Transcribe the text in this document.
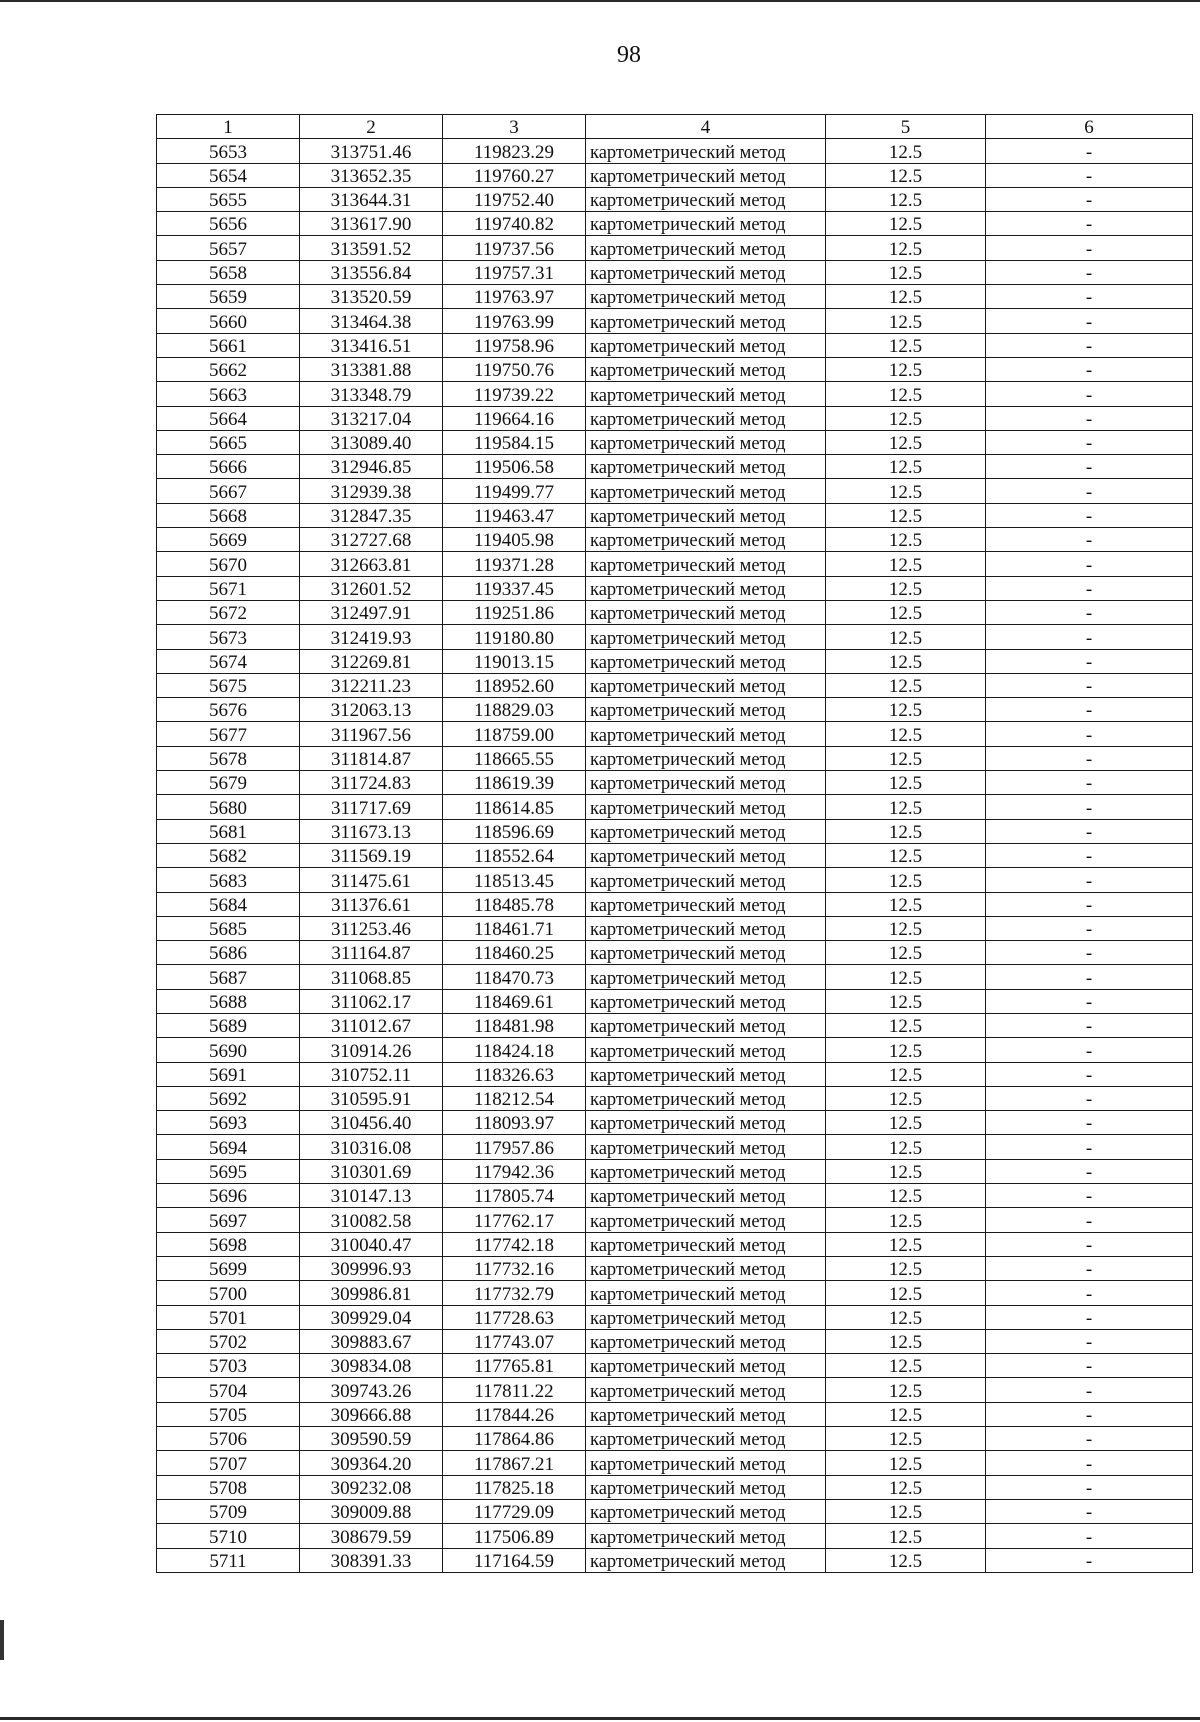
98
1	2	3	4	5	6
5653	313751.46	119823.29	картометрический метод	12.5	-
5654	313652.35	119760.27	картометрический метод	12.5	-
5655	313644.31	119752.40	картометрический метод	12.5	-
5656	313617.90	119740.82	картометрический метод	12.5	-
5657	313591.52	119737.56	картометрический метод	12.5	-
5658	313556.84	119757.31	картометрический метод	12.5	-
5659	313520.59	119763.97	картометрический метод	12.5	-
5660	313464.38	119763.99	картометрический метод	12.5	-
5661	313416.51	119758.96	картометрический метод	12.5	-
5662	313381.88	119750.76	картометрический метод	12.5	-
5663	313348.79	119739.22	картометрический метод	12.5	-
5664	313217.04	119664.16	картометрический метод	12.5	-
5665	313089.40	119584.15	картометрический метод	12.5	-
5666	312946.85	119506.58	картометрический метод	12.5	-
5667	312939.38	119499.77	картометрический метод	12.5	-
5668	312847.35	119463.47	картометрический метод	12.5	-
5669	312727.68	119405.98	картометрический метод	12.5	-
5670	312663.81	119371.28	картометрический метод	12.5	-
5671	312601.52	119337.45	картометрический метод	12.5	-
5672	312497.91	119251.86	картометрический метод	12.5	-
5673	312419.93	119180.80	картометрический метод	12.5	-
5674	312269.81	119013.15	картометрический метод	12.5	-
5675	312211.23	118952.60	картометрический метод	12.5	-
5676	312063.13	118829.03	картометрический метод	12.5	-
5677	311967.56	118759.00	картометрический метод	12.5	-
5678	311814.87	118665.55	картометрический метод	12.5	-
5679	311724.83	118619.39	картометрический метод	12.5	-
5680	311717.69	118614.85	картометрический метод	12.5	-
5681	311673.13	118596.69	картометрический метод	12.5	-
5682	311569.19	118552.64	картометрический метод	12.5	-
5683	311475.61	118513.45	картометрический метод	12.5	-
5684	311376.61	118485.78	картометрический метод	12.5	-
5685	311253.46	118461.71	картометрический метод	12.5	-
5686	311164.87	118460.25	картометрический метод	12.5	-
5687	311068.85	118470.73	картометрический метод	12.5	-
5688	311062.17	118469.61	картометрический метод	12.5	-
5689	311012.67	118481.98	картометрический метод	12.5	-
5690	310914.26	118424.18	картометрический метод	12.5	-
5691	310752.11	118326.63	картометрический метод	12.5	-
5692	310595.91	118212.54	картометрический метод	12.5	-
5693	310456.40	118093.97	картометрический метод	12.5	-
5694	310316.08	117957.86	картометрический метод	12.5	-
5695	310301.69	117942.36	картометрический метод	12.5	-
5696	310147.13	117805.74	картометрический метод	12.5	-
5697	310082.58	117762.17	картометрический метод	12.5	-
5698	310040.47	117742.18	картометрический метод	12.5	-
5699	309996.93	117732.16	картометрический метод	12.5	-
5700	309986.81	117732.79	картометрический метод	12.5	-
5701	309929.04	117728.63	картометрический метод	12.5	-
5702	309883.67	117743.07	картометрический метод	12.5	-
5703	309834.08	117765.81	картометрический метод	12.5	-
5704	309743.26	117811.22	картометрический метод	12.5	-
5705	309666.88	117844.26	картометрический метод	12.5	-
5706	309590.59	117864.86	картометрический метод	12.5	-
5707	309364.20	117867.21	картометрический метод	12.5	-
5708	309232.08	117825.18	картометрический метод	12.5	-
5709	309009.88	117729.09	картометрический метод	12.5	-
5710	308679.59	117506.89	картометрический метод	12.5	-
5711	308391.33	117164.59	картометрический метод	12.5	-
